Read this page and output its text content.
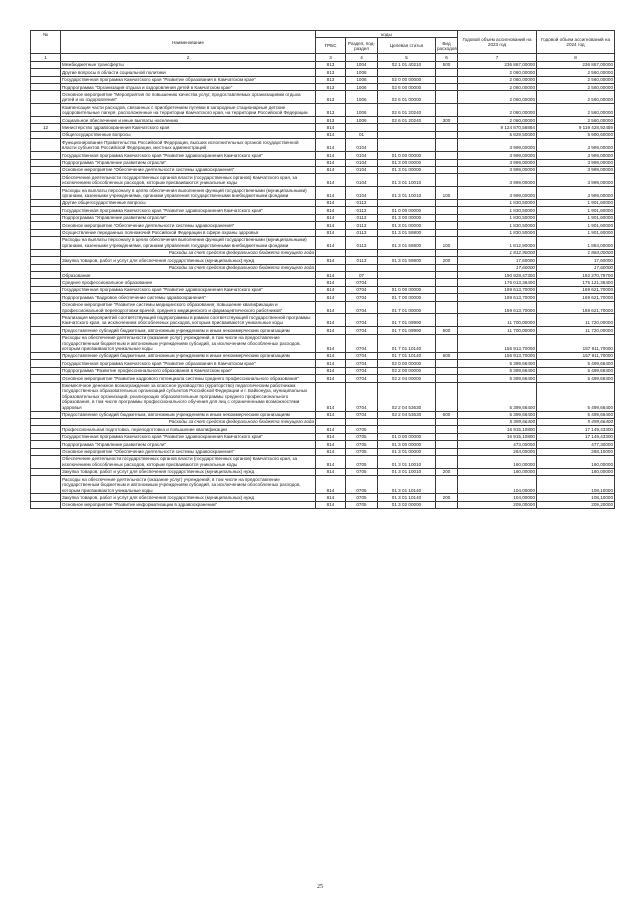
№	Наименование	коды				Годовой объем ассигнований на 2023 год	Годовой объем ассигнований на 2024 год
		ГРБС	Раздел, под-раздел	Целевая статья	Вид расходов		
1	2	3	4	5	6	7	8
	Межбюджетные трансферты	813	1004	02 1 01 40210	500	236 867,00000	236 867,00000
	Другие вопросы в области социальной политики	813	1006			2 060,00000	2 560,00000
	Государственная программа Камчатского края "Развитие образования в Камчатском крае"	813	1006	02 0 00 00000		2 060,00000	2 560,00000
	Подпрограмма "Организация отдыха и оздоровления детей в Камчатском крае"	813	1006	02 6 00 00000		2 060,00000	2 560,00000
	Основное мероприятие "Мероприятия по повышению качества услуг, предоставляемых организациями отдыха детей и их оздоровления"	813	1006	02 6 01 00000		2 060,00000	2 560,00000
	Компенсация части расходов, связанных с приобретением путевки в загородные стационарные детские оздоровительные лагеря, расположенные на территории Камчатского края, на территории Российской Федерации	813	1006	02 6 01 20240		2 060,00000	2 560,00000
	Социальное обеспечение и иные выплаты населению	813	1006	02 6 01 20240	300	2 060,00000	2 560,00000
12	Министерство здравоохранения Камчатского края	814				9 124 870,56884	9 119 428,92459
	Общегосударственные вопросы	814	01			5 829,50000	5 900,60000
	Функционирование Правительства Российской Федерации, высших исполнительных органов государственной власти субъектов Российской Федерации, местных администраций	814	0104			3 999,00000	3 999,00000
	Государственная программа Камчатского края "Развитие здравоохранения Камчатского края"	814	0104	01 0 00 00000		3 999,00000	3 999,00000
	Подпрограмма "Управление развитием отрасли"	814	0104	01 3 00 00000		3 999,00000	3 999,00000
	Основное мероприятие "Обеспечение деятельности системы здравоохранения"	814	0104	01 3 01 00000		3 999,00000	3 999,00000
	Обеспечение деятельности государственных органов власти (государственных органов) Камчатского края, за исключением обособленных расходов, которым присваиваются уникальные коды	814	0104	01 3 01 10010		3 999,00000	3 999,00000
	Расходы на выплаты персоналу в целях обеспечения выполнения функций государственными (муниципальными) органами, казенными учреждениями, органами управления государственными внебюджетными фондами	814	0104	01 3 01 10010	100	3 999,00000	3 999,00000
	Другие общегосударственные вопросы	814	0113			1 830,50000	1 901,60000
	Государственная программа Камчатского края "Развитие здравоохранения Камчатского края"	814	0113	01 0 00 00000		1 830,50000	1 901,60000
	Подпрограмма "Управление развитием отрасли"	814	0113	01 3 00 00000		1 830,50000	1 901,60000
	Основное мероприятие "Обеспечение деятельности системы здравоохранения"	814	0113	01 3 01 00000		1 830,50000	1 901,60000
	Осуществление переданных полномочий Российской Федерации в сфере охраны здоровья	814	0113	01 3 01 59800		1 830,50000	1 901,60000
	Расходы на выплаты персоналу в целях обеспечения выполнения функций государственными (муниципальными) органами, казенными учреждениями, органами управления государственными внебюджетными фондами	814	0113	01 3 01 59800	100	1 812,90000	1 884,00000
	Расходы за счет средств федерального бюджета текущего года					1 812,90000	1 884,00000
	Закупка товаров, работ и услуг для обеспечения государственных (муниципальных) нужд	814	0113	01 3 01 59800	200	17,60000	17,60000
	Расходы за счет средств федерального бюджета текущего года					17,60000	17,60000
	Образование	814	07			190 928,47300	192 270,79700
	Среднее профессиональное образование	814	0704			176 013,36400	175 121,36400
	Государственная программа Камчатского края "Развитие здравоохранения Камчатского края"	814	0704	01 0 00 00000		169 613,70000	169 621,70000
	Подпрограмма "Кадровое обеспечение системы здравоохранения"	814	0704	01 7 00 00000		169 613,70000	169 621,70000
	Основное мероприятие "Развитие системы медицинского образования, повышение квалификации и профессиональной переподготовки врачей, среднего медицинского и фармацевтического работников"	814	0704	01 7 01 00000		169 613,70000	169 621,70000
	Реализация мероприятий соответствующей подпрограммы в рамках соответствующей государственной программы Камчатского края, за исключением обособленных расходов, которым присваиваются уникальные коды	814	0704	01 7 01 09990		11 700,00000	11 720,00000
	Предоставление субсидий бюджетным, автономным учреждениям и иным некоммерческим организациям	814	0704	01 7 01 09990	600	11 700,00000	11 720,00000
	Расходы на обеспечение деятельности (оказание услуг) учреждений, в том числе на предоставление государственным бюджетным и автономным учреждениям субсидий, за исключением обособленных расходов, которым присваиваются уникальные коды	814	0704	01 7 01 10140		156 913,70000	157 911,70000
	Предоставление субсидий бюджетным, автономным учреждениям и иным некоммерческим организациям	814	0704	01 7 01 10140	600	156 913,70000	157 911,70000
	Государственная программа Камчатского края "Развитие образования в Камчатском крае"	814	0704	02 0 00 00000		5 399,66400	5 499,66400
	Подпрограмма "Развитие профессионального образования в Камчатском крае"	814	0704	02 2 00 00000		5 399,66400	5 499,66400
	Основное мероприятие "Развитие кадрового потенциала системы среднего профессионального образования"	814	0704	02 2 04 00000		5 399,66400	5 499,66400
	Ежемесячное денежное вознаграждение за классное руководство (кураторство) педагогическим работникам государственных образовательных организаций субъектов Российской Федерации и г. Байконура, муниципальных образовательных организаций, реализующих образовательные программы среднего профессионального образования, в том числе программы профессионального обучения для лиц с ограниченными возможностями здоровья	814	0704	02 2 04 53630		5 399,66400	5 499,66400
	Предоставление субсидий бюджетным, автономным учреждениям и иным некоммерческим организациям	814	0704	02 2 04 53630	600	5 399,66400	5 499,66400
	Расходы за счет средств федерального бюджета текущего года					5 399,66400	5 499,66400
	Профессиональная подготовка, переподготовка и повышение квалификации	814	0705			16 915,10800	17 149,43300
	Государственная программа Камчатского края "Развитие здравоохранения Камчатского края"	814	0705	01 0 00 00000		16 915,10800	17 149,43300
	Подпрограмма "Управление развитием отрасли"	814	0705	01 3 00 00000		473,00000	477,30000
	Основное мероприятие "Обеспечение деятельности системы здравоохранения"	814	0705	01 3 01 00000		264,00000	268,10000
	Обеспечение деятельности государственных органов власти (государственных органов) Камчатского края, за исключением обособленных расходов, которым присваиваются уникальные коды	814	0705	01 3 01 10010		160,00000	160,00000
	Закупка товаров, работ и услуг для обеспечения государственных (муниципальных) нужд	814	0705	01 3 01 10010	200	160,00000	160,00000
	Расходы на обеспечение деятельности (оказание услуг) учреждений, в том числе на предоставление государственным бюджетным и автономным учреждениям субсидий, за исключением обособленных расходов, которым присваиваются уникальные коды	814	0705	01 3 01 10140		104,00000	108,10000
	Закупка товаров, работ и услуг для обеспечения государственных (муниципальных) нужд	814	0705	01 3 01 10140	200	104,00000	108,10000
	Основное мероприятие "Развитие информатизации в здравоохранении"	814	0705	01 3 02 00000		209,00000	209,20000
25
